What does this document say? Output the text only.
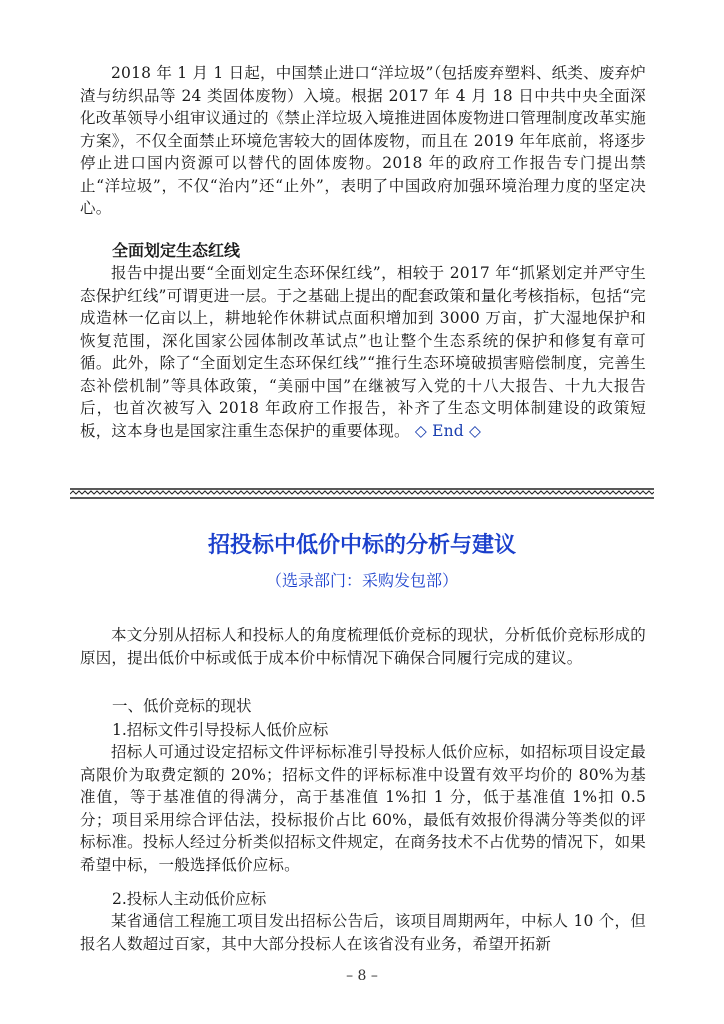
2018 年 1 月 1 日起，中国禁止进口“洋垃圾”（包括废弃塑料、纸类、废弃炉渣与纺织品等 24 类固体废物）入境。根据 2017 年 4 月 18 日中共中央全面深化改革领导小组审议通过的《禁止洋垃圾入境推进固体废物进口管理制度改革实施方案》，不仅全面禁止环境危害较大的固体废物，而且在 2019 年年底前，将逐步停止进口国内资源可以替代的固体废物。2018 年的政府工作报告专门提出禁止“洋垃圾”，不仅“治内”还“止外”，表明了中国政府加强环境治理力度的坚定决心。

全面划定生态红线

报告中提出要“全面划定生态环保红线”，相较于 2017 年“抓紧划定并严守生态保护红线”可谓更进一层。于之基础上提出的配套政策和量化考核指标，包括“完成造林一亿亩以上，耕地轮作休耕试点面积增加到 3000 万亩，扩大湿地保护和恢复范围，深化国家公园体制改革试点”也让整个生态系统的保护和修复有章可循。此外，除了“全面划定生态环保红线”“推行生态环境破损害赔偿制度，完善生态补偿机制”等具体政策，“美丽中国”在继被写入党的十八大报告、十九大报告后，也首次被写入 2018 年政府工作报告，补齐了生态文明体制建设的政策短板，这本身也是国家注重生态保护的重要体现。 ◇ End ◇

招投标中低价中标的分析与建议

（选录部门：采购发包部）

本文分别从招标人和投标人的角度梳理低价竞标的现状，分析低价竞标形成的原因，提出低价中标或低于成本价中标情况下确保合同履行完成的建议。

一、低价竞标的现状

1.招标文件引导投标人低价应标

招标人可通过设定招标文件评标标准引导投标人低价应标，如招标项目设定最高限价为取费定额的 20%；招标文件的评标标准中设置有效平均价的 80%为基准值，等于基准值的得满分，高于基准值 1%扣 1 分，低于基准值 1%扣 0.5 分；项目采用综合评估法，投标报价占比 60%，最低有效报价得满分等类似的评标标准。投标人经过分析类似招标文件规定，在商务技术不占优势的情况下，如果希望中标，一般选择低价应标。

2.投标人主动低价应标

某省通信工程施工项目发出招标公告后，该项目周期两年，中标人 10 个，但报名人数超过百家，其中大部分投标人在该省没有业务，希望开拓新

– 8 –
